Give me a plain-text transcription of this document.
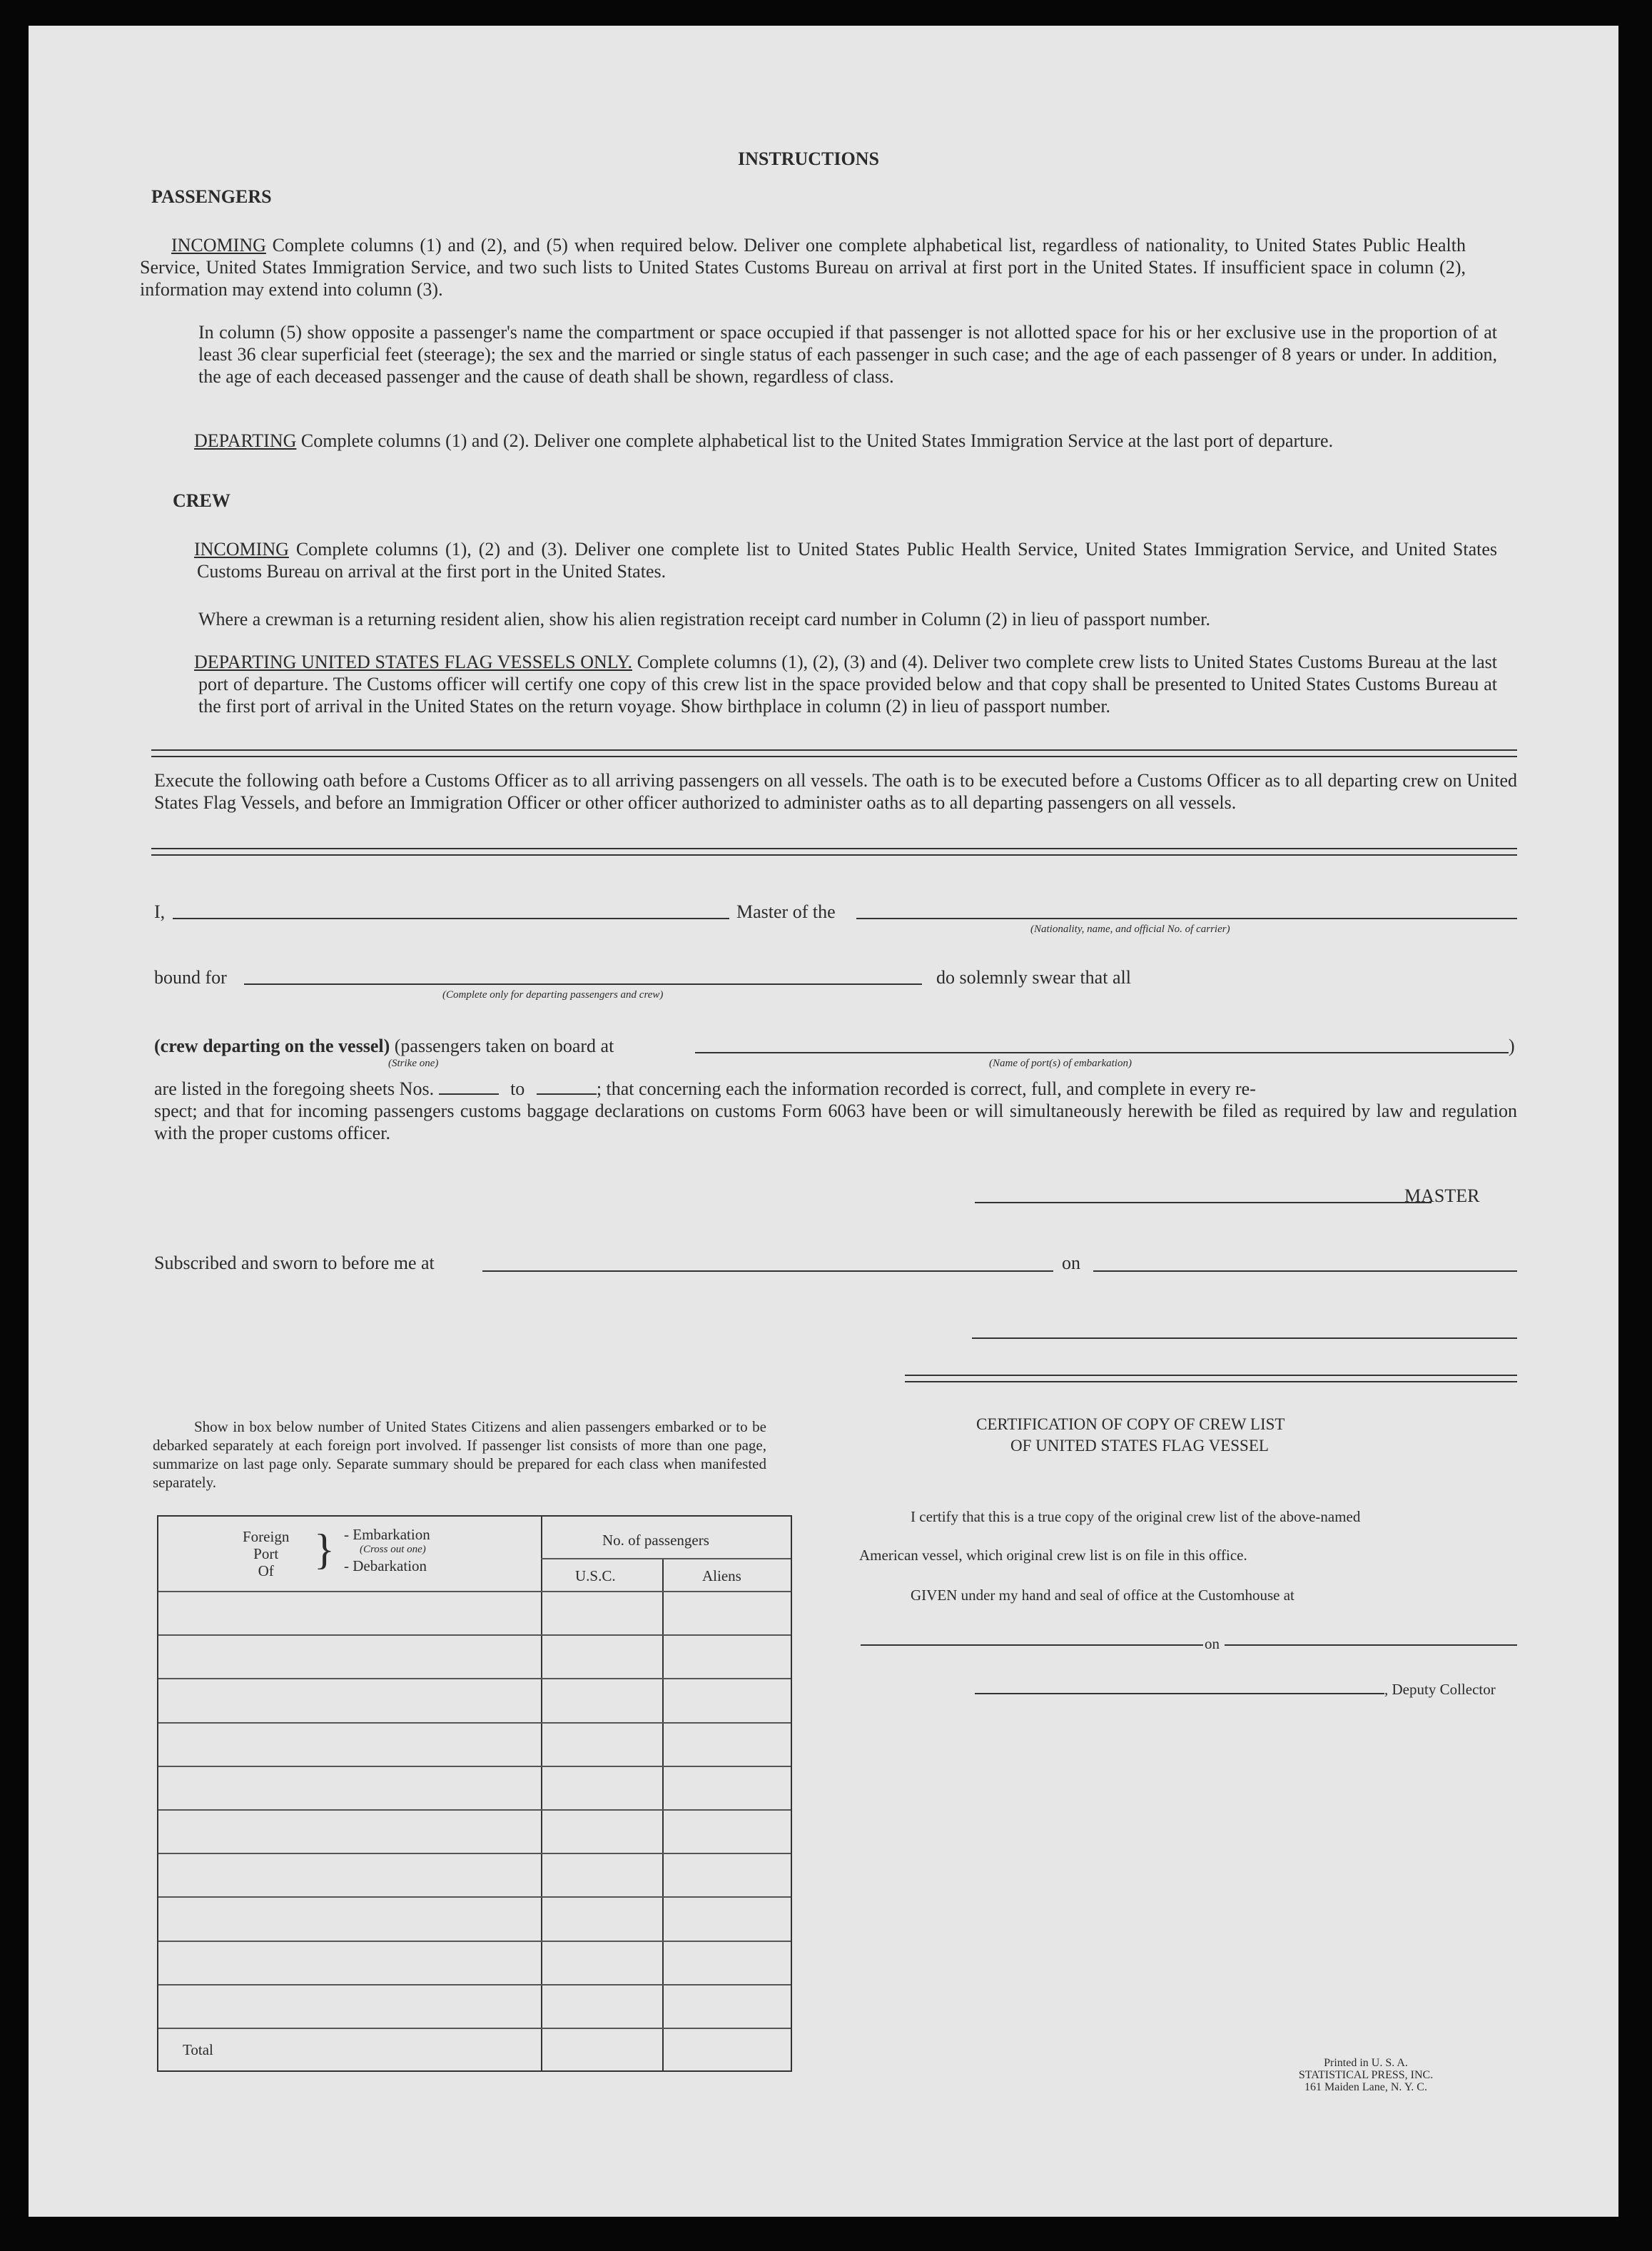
INSTRUCTIONS
PASSENGERS
INCOMING Complete columns (1) and (2), and (5) when required below. Deliver one complete alphabetical list, regardless of nationality, to United States Public Health Service, United States Immigration Service, and two such lists to United States Customs Bureau on arrival at first port in the United States. If insufficient space in column (2), information may extend into column (3).
In column (5) show opposite a passenger's name the compartment or space occupied if that passenger is not allotted space for his or her exclusive use in the proportion of at least 36 clear superficial feet (steerage); the sex and the married or single status of each passenger in such case; and the age of each passenger of 8 years or under. In addition, the age of each deceased passenger and the cause of death shall be shown, regardless of class.
DEPARTING Complete columns (1) and (2). Deliver one complete alphabetical list to the United States Immigration Service at the last port of departure.
CREW
INCOMING Complete columns (1), (2) and (3). Deliver one complete list to United States Public Health Service, United States Immigration Service, and United States Customs Bureau on arrival at the first port in the United States.
Where a crewman is a returning resident alien, show his alien registration receipt card number in Column (2) in lieu of passport number.
DEPARTING UNITED STATES FLAG VESSELS ONLY. Complete columns (1), (2), (3) and (4). Deliver two complete crew lists to United States Customs Bureau at the last port of departure. The Customs officer will certify one copy of this crew list in the space provided below and that copy shall be presented to United States Customs Bureau at the first port of arrival in the United States on the return voyage. Show birthplace in column (2) in lieu of passport number.
Execute the following oath before a Customs Officer as to all arriving passengers on all vessels. The oath is to be executed before a Customs Officer as to all departing crew on United States Flag Vessels, and before an Immigration Officer or other officer authorized to administer oaths as to all departing passengers on all vessels.
I,	Master of the
(Nationality, name, and official No. of carrier)
bound for
(Complete only for departing passengers and crew)
do solemnly swear that all
(crew departing on the vessel) (passengers taken on board at	)
(Strike one)	(Name of port(s) of embarkation)
are listed in the foregoing sheets Nos.	to	; that concerning each the information recorded is correct, full, and complete in every re-
spect; and that for incoming passengers customs baggage declarations on customs Form 6063 have been or will simultaneously herewith be filed as required by law and regulation with the proper customs officer.
MASTER
Subscribed and sworn to before me at	on
Show in box below number of United States Citizens and alien passengers embarked or to be debarked separately at each foreign port involved. If passenger list consists of more than one page, summarize on last page only. Separate summary should be prepared for each class when manifested separately.
Foreign
Port
Of } - Embarkation
(Cross out one)
- Debarkation
No. of passengers
U.S.C.	Aliens
Total
CERTIFICATION OF COPY OF CREW LIST
OF UNITED STATES FLAG VESSEL
I certify that this is a true copy of the original crew list of the above-named
American vessel, which original crew list is on file in this office.
GIVEN under my hand and seal of office at the Customhouse at
on
, Deputy Collector
Printed in U. S. A.
STATISTICAL PRESS, INC.
161 Maiden Lane, N. Y. C.
